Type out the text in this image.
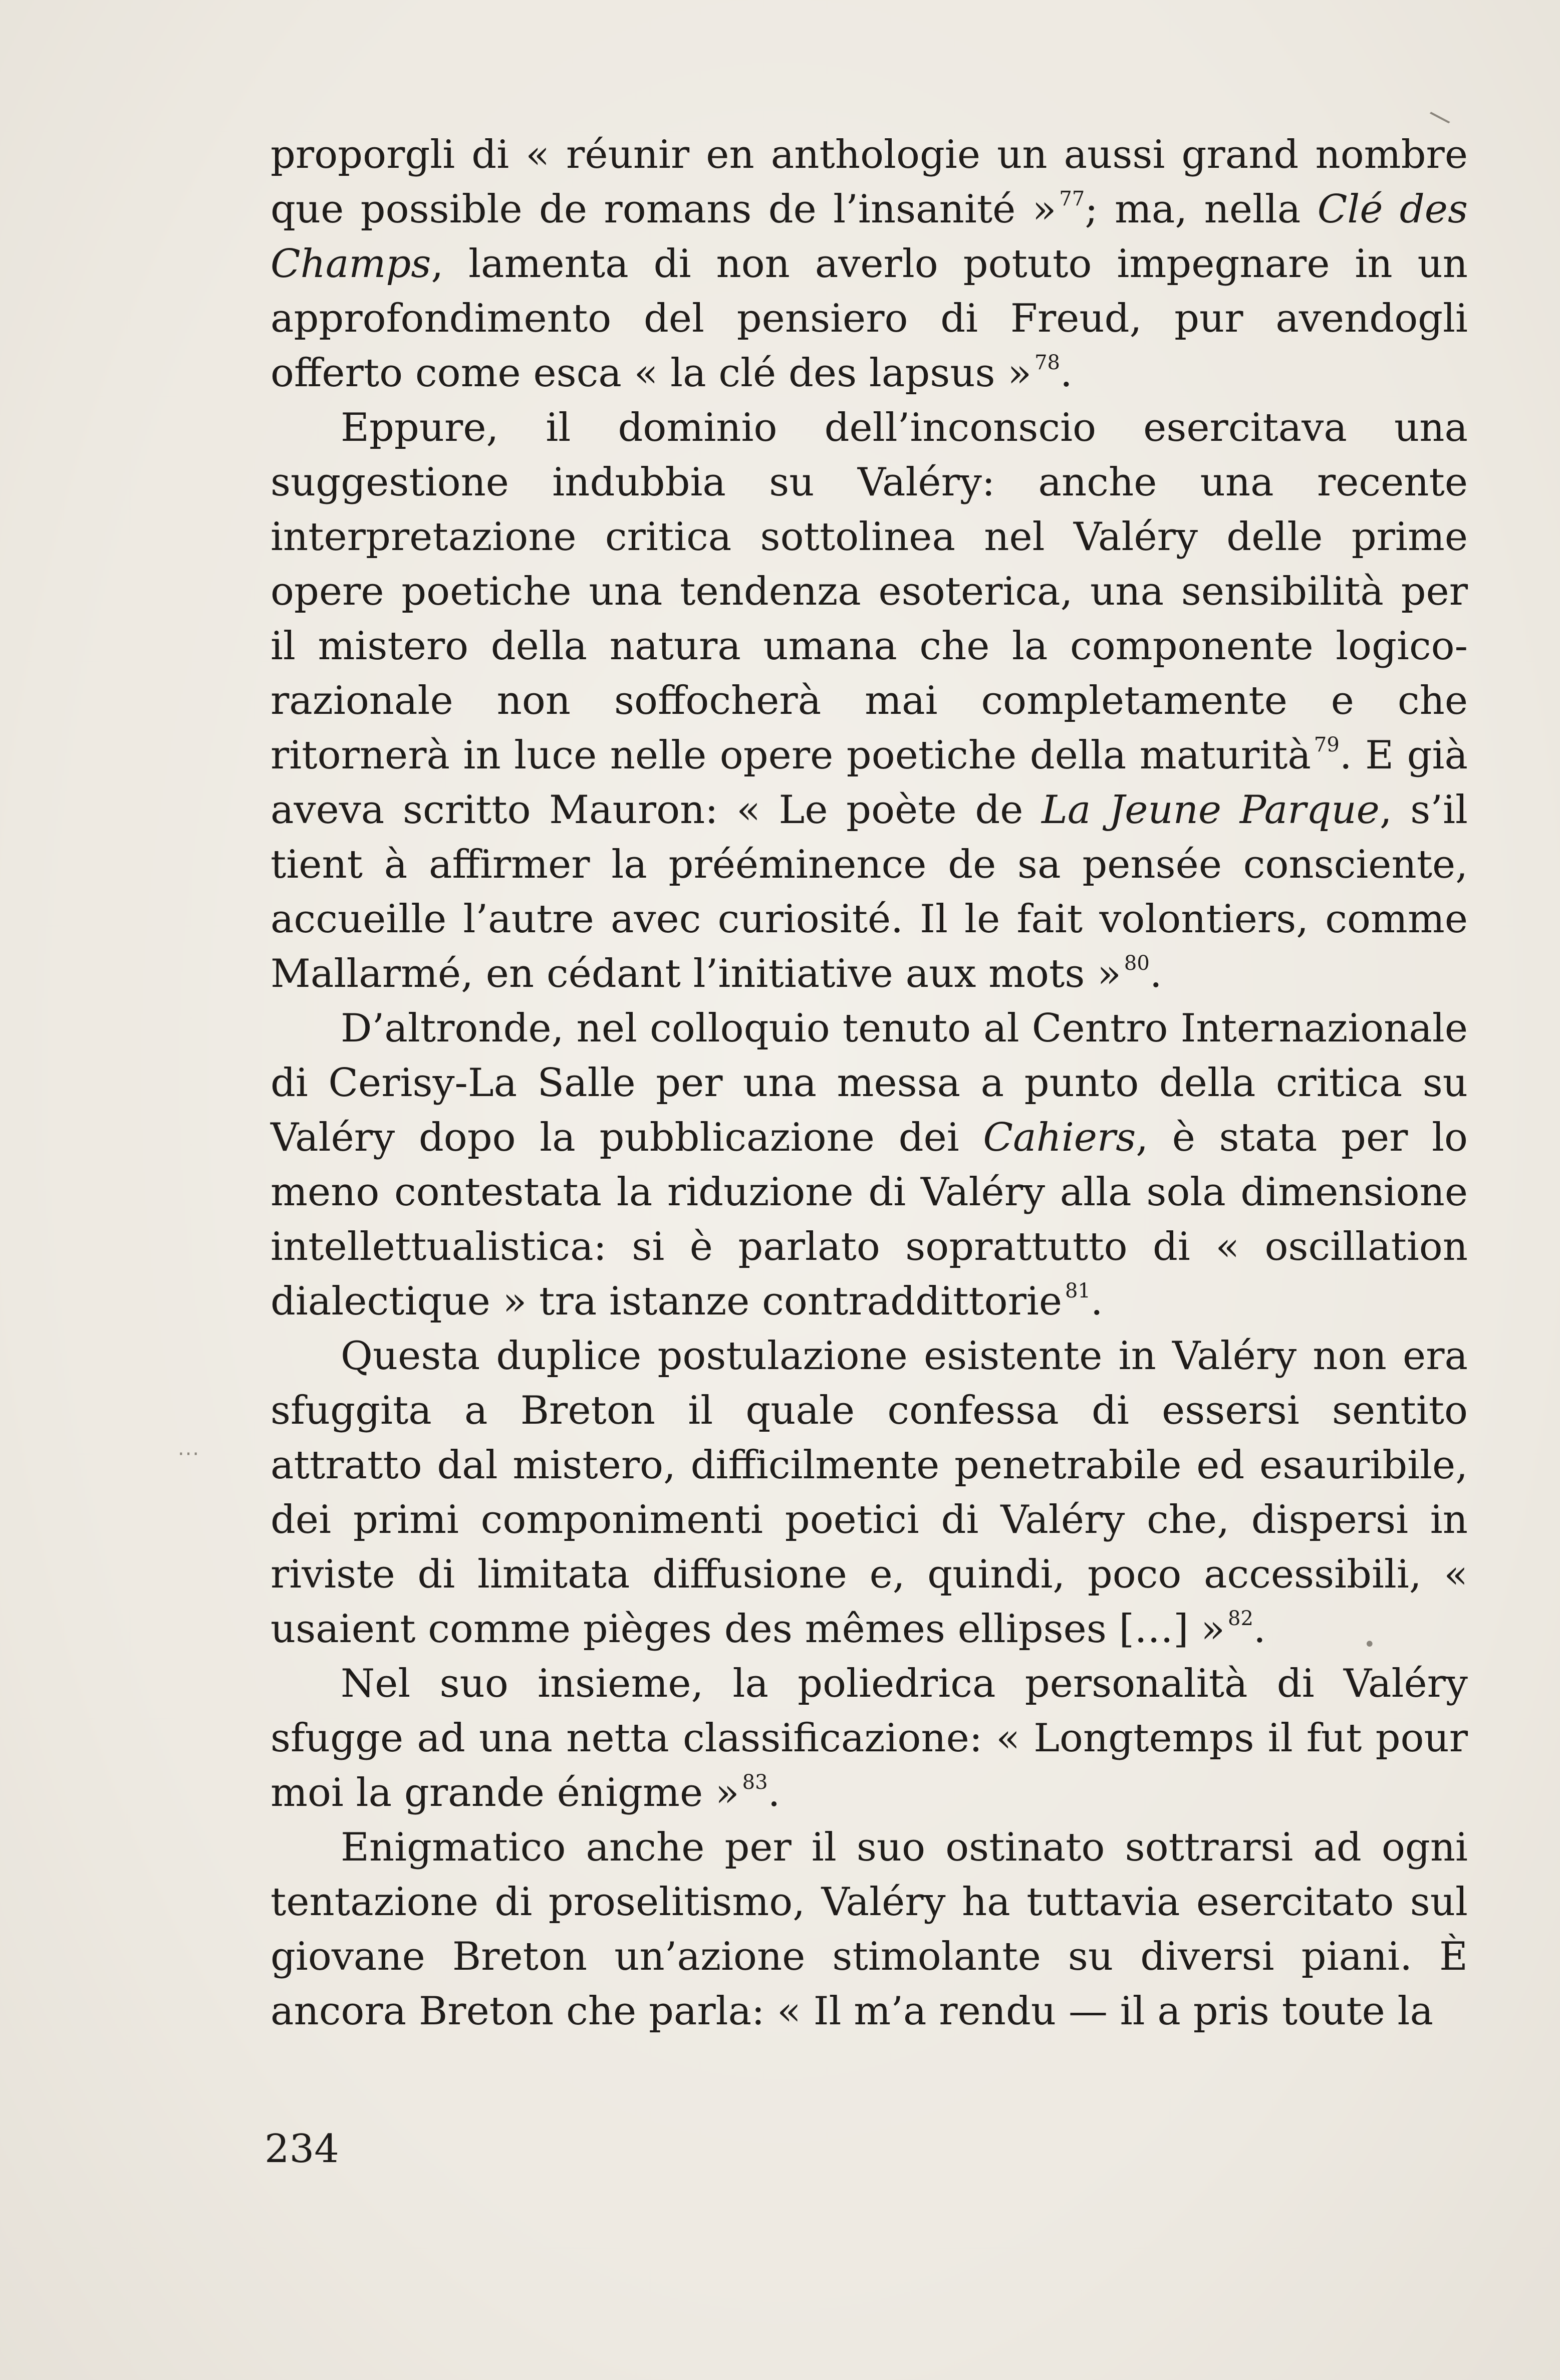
\

proporgli di « réunir en anthologie un aussi grand nombre que possible de romans de l’insanité » $^{77}$; ma, nella Clé des Champs, lamenta di non averlo potuto impegnare in un approfondimento del pensiero di Freud, pur avendogli offerto come esca « la clé des lapsus » $^{78}$.

Eppure, il dominio dell’inconscio esercitava una suggestione indubbia su Valéry: anche una recente interpretazione critica sottolinea nel Valéry delle prime opere poetiche una tendenza esoterica, una sensibilità per il mistero della natura umana che la componente logico-razionale non soffocherà mai completamente e che ritornerà in luce nelle opere poetiche della maturità $^{79}$. E già aveva scritto Mauron: « Le poète de La Jeune Parque, s’il tient à affirmer la prééminence de sa pensée consciente, accueille l’autre avec curiosité. Il le fait volontiers, comme Mallarmé, en cédant l’initiative aux mots » $^{80}$.

D’altronde, nel colloquio tenuto al Centro Internazionale di Cerisy-La Salle per una messa a punto della critica su Valéry dopo la pubblicazione dei Cahiers, è stata per lo meno contestata la riduzione di Valéry alla sola dimensione intellettualistica: si è parlato soprattutto di « oscillation dialectique » tra istanze contraddittorie $^{81}$.

Questa duplice postulazione esistente in Valéry non era sfuggita a Breton il quale confessa di essersi sentito attratto dal mistero, difficilmente penetrabile ed esauribile, dei primi componimenti poetici di Valéry che, dispersi in riviste di limitata diffusione e, quindi, poco accessibili, « usaient comme pièges des mêmes ellipses […] » $^{82}$.

Nel suo insieme, la poliedrica personalità di Valéry sfugge ad una netta classificazione: « Longtemps il fut pour moi la grande énigme » $^{83}$.

Enigmatico anche per il suo ostinato sottrarsi ad ogni tentazione di proselitismo, Valéry ha tuttavia esercitato sul giovane Breton un’azione stimolante su diversi piani. È ancora Breton che parla: « Il m’a rendu — il a pris toute la

···
•
234
